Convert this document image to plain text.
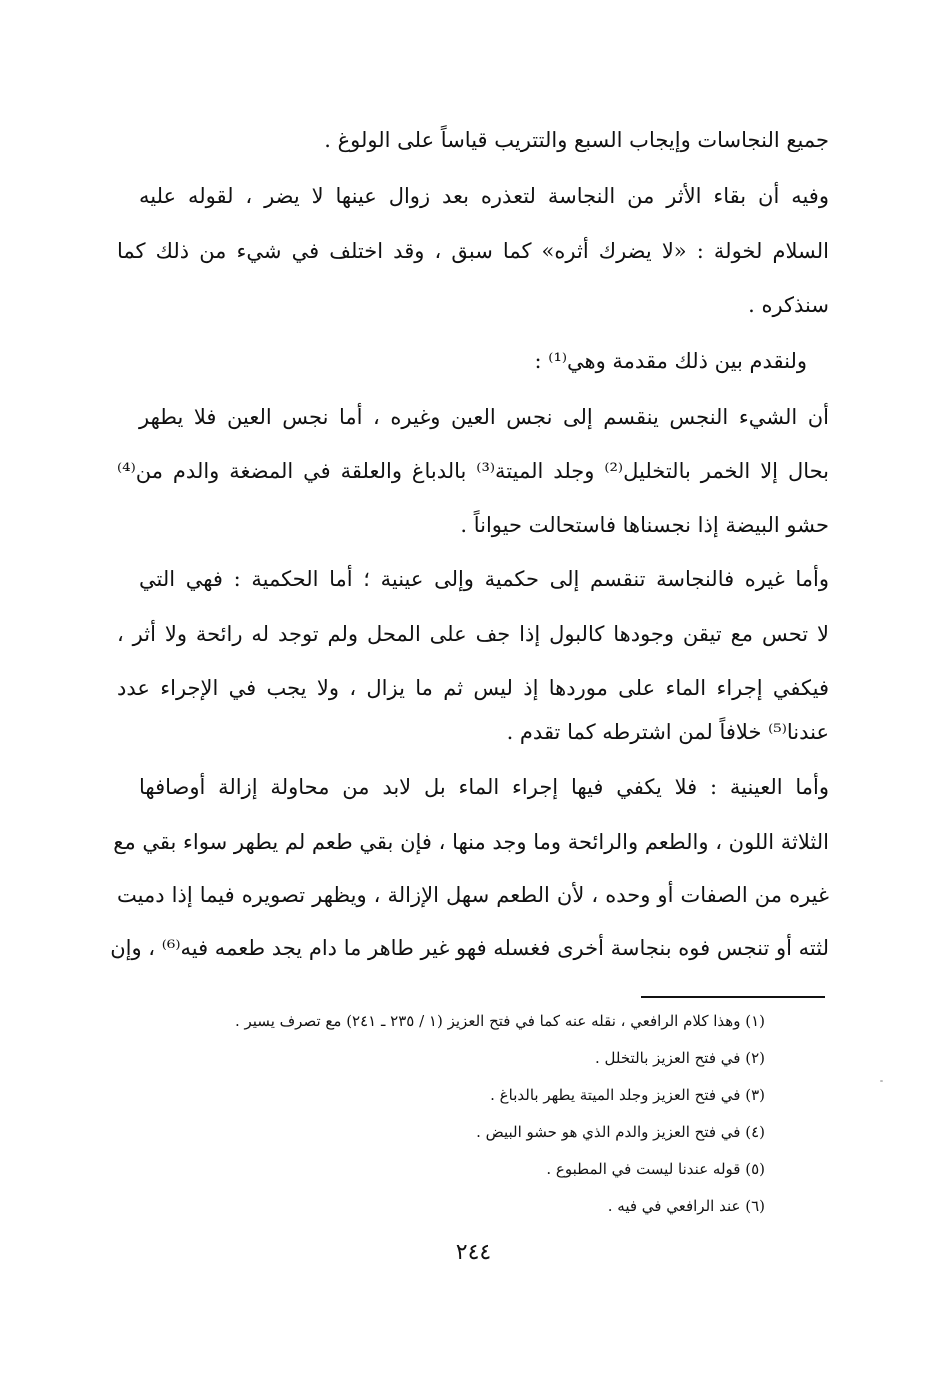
جميع النجاسات وإيجاب السبع والتتريب قياساً على الولوغ .
وفيه أن بقاء الأثر من النجاسة لتعذره بعد زوال عينها لا يضر ، لقوله عليه
السلام لخولة : «لا يضرك أثره» كما سبق ، وقد اختلف في شيء من ذلك كما
سنذكره .
ولنقدم بين ذلك مقدمة وهي⁽¹⁾ :
أن الشيء النجس ينقسم إلى نجس العين وغيره ، أما نجس العين فلا يطهر
بحال إلا الخمر بالتخليل⁽²⁾ وجلد الميتة⁽³⁾ بالدباغ والعلقة في المضغة والدم من⁽⁴⁾
حشو البيضة إذا نجسناها فاستحالت حيواناً .
وأما غيره فالنجاسة تنقسم إلى حكمية وإلى عينية ؛ أما الحكمية : فهي التي
لا تحس مع تيقن وجودها كالبول إذا جف على المحل ولم توجد له رائحة ولا أثر ،
فيكفي إجراء الماء على موردها إذ ليس ثم ما يزال ، ولا يجب في الإجراء عدد
عندنا⁽⁵⁾ خلافاً لمن اشترطه كما تقدم .
وأما العينية : فلا يكفي فيها إجراء الماء بل لابد من محاولة إزالة أوصافها
الثلاثة اللون ، والطعم والرائحة وما وجد منها ، فإن بقي طعم لم يطهر سواء بقي مع
غيره من الصفات أو وحده ، لأن الطعم سهل الإزالة ، ويظهر تصويره فيما إذا دميت
لثته أو تنجس فوه بنجاسة أخرى فغسله فهو غير طاهر ما دام يجد طعمه فيه⁽⁶⁾ ، وإن
(١) وهذا كلام الرافعي ، نقله عنه كما في فتح العزيز (١ / ٢٣٥ ـ ٢٤١) مع تصرف يسير .
(٢) في فتح العزيز بالتخلل .
(٣) في فتح العزيز وجلد الميتة يطهر بالدباغ .
(٤) في فتح العزيز والدم الذي هو حشو البيض .
(٥) قوله عندنا ليست في المطبوع .
(٦) عند الرافعي في فيه .
٢٤٤
